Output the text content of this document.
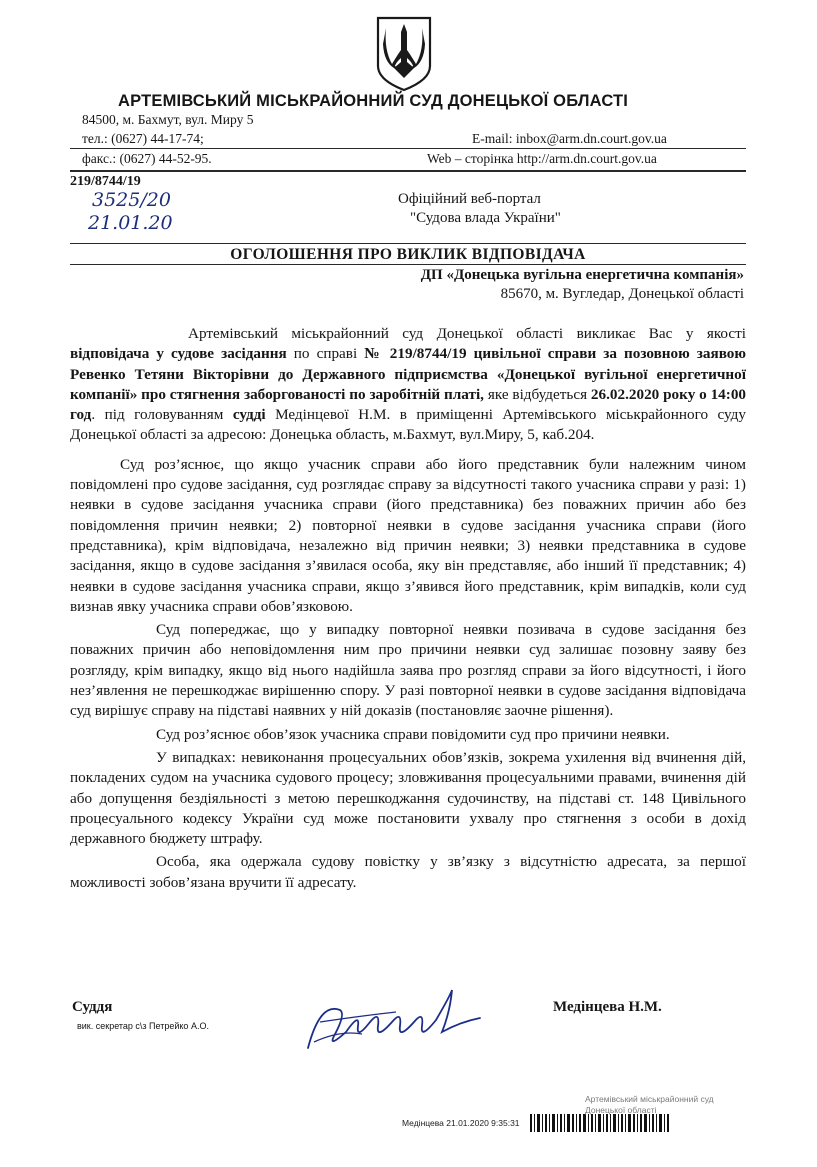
АРТЕМІВСЬКИЙ МІСЬКРАЙОННИЙ СУД ДОНЕЦЬКОЇ ОБЛАСТІ
84500, м. Бахмут, вул. Миру 5
тел.: (0627) 44-17-74;	E-mail: inbox@arm.dn.court.gov.ua
факс.: (0627) 44-52-95.	Web – сторінка http://arm.dn.court.gov.ua
219/8744/19
3525/20
21.01.20
Офіційний веб-портал
"Судова влада України"
ОГОЛОШЕННЯ ПРО ВИКЛИК ВІДПОВІДАЧА
ДП «Донецька вугільна енергетична компанія»
85670, м. Вугледар, Донецької області

Артемівський міськрайонний суд Донецької області викликає Вас у якості відповідача у судове засідання по справі № 219/8744/19 цивільної справи за позовною заявою Ревенко Тетяни Вікторівни до Державного підприємства «Донецької вугільної енергетичної компанії» про стягнення заборгованості по заробітній платі, яке відбудеться 26.02.2020 року о 14:00 год. під головуванням судді Медінцевої Н.М. в приміщенні Артемівського міськрайонного суду Донецької області за адресою: Донецька область, м.Бахмут, вул.Миру, 5, каб.204.

Суд роз’яснює, що якщо учасник справи або його представник були належним чином повідомлені про судове засідання, суд розглядає справу за відсутності такого учасника справи у разі: 1) неявки в судове засідання учасника справи (його представника) без поважних причин або без повідомлення причин неявки; 2) повторної неявки в судове засідання учасника справи (його представника), крім відповідача, незалежно від причин неявки; 3) неявки представника в судове засідання, якщо в судове засідання з’явилася особа, яку він представляє, або інший її представник; 4) неявки в судове засідання учасника справи, якщо з’явився його представник, крім випадків, коли суд визнав явку учасника справи обов’язковою.

Суд попереджає, що у випадку повторної неявки позивача в судове засідання без поважних причин або неповідомлення ним про причини неявки суд залишає позовну заяву без розгляду, крім випадку, якщо від нього надійшла заява про розгляд справи за його відсутності, і його нез’явлення не перешкоджає вирішенню спору. У разі повторної неявки в судове засідання відповідача суд вирішує справу на підставі наявних у ній доказів (постановляє заочне рішення).

Суд роз’яснює обов’язок учасника справи повідомити суд про причини неявки.

У випадках: невиконання процесуальних обов’язків, зокрема ухилення від вчинення дій, покладених судом на учасника судового процесу; зловживання процесуальними правами, вчинення дій або допущення бездіяльності з метою перешкоджання судочинству, на підставі ст. 148 Цивільного процесуального кодексу України суд може постановити ухвалу про стягнення з особи в дохід державного бюджету штрафу.

Особа, яка одержала судову повістку у зв’язку з відсутністю адресата, за першої можливості зобов’язана вручити її адресату.

Суддя
вик. секретар с\з Петрейко А.О.
Медінцева Н.М.
Медінцева 21.01.2020 9:35:31
Артемівський міськрайонний суд
Донецької області
